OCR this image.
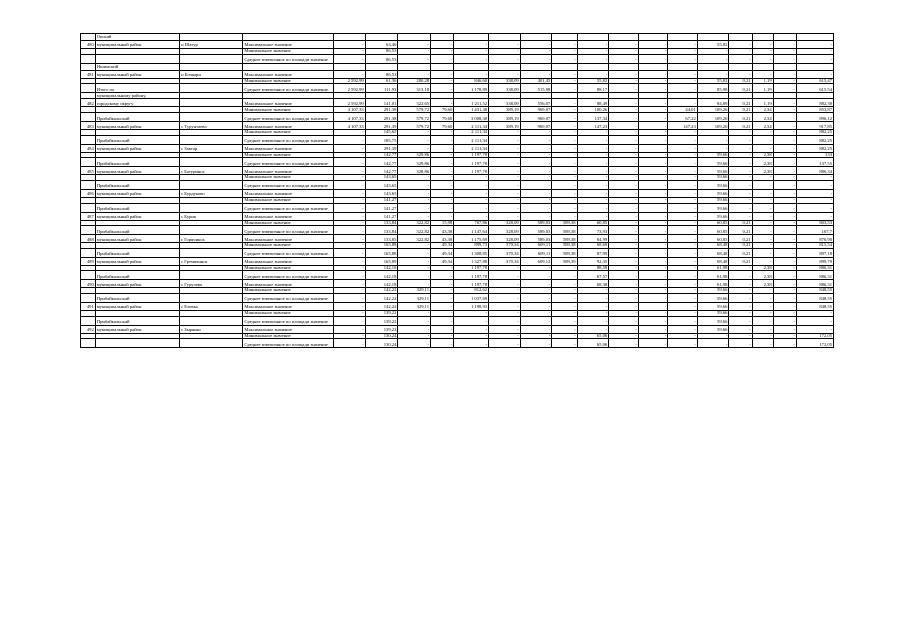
	Окский																			
480	муниципальный район	п Шатур	Максимальное значение	-	63,46	-	-	-	-	-	-	-	-	-	-	55,82	-	-	-	-
			Минимальное значение	-	86,53	-	-	-	-	-	-	-	-	-	-	-	-	-	-	-
			Среднее взвешенное по площади значение	-	86,53	-	-	-	-	-	-	-	-	-	-	-	-	-	-	-
	Ишимский																			
481	муниципальный район	п Бочкари	Максимальное значение	-	86,53	-	-	-	-	-	-	-	-	-	-	-	-	-	-	-
			Минимальное значение	2 592,99	61,36	280,28	-	846,60	338,09	401,45	-	55,82	-	-	-	55,82	0,21	1,19	-	615,47
	Итого по		Среднее взвешенное по площади значение	2 592,99	111,93	313,18	-	1 178,89	338,09	515,98	-	88,17	-	-	-	85,98	0,21	1,19	-	615,54
	муниципальному району,																			
482	городскому округу		Максимальное значение	2 592,99	141,01	322,65	-	1 211,52	338,09	556,07	-	88,49	-	-	-	84,89	0,21	1,19	-	882,38
			Минимальное значение	4 107,33	291,38	579,72	79,60	1 431,48	389,19	969,07	-	100,26	-	-	44,01	109,26	0,21	2,34	-	853,87
	Прибайкальский		Среднее взвешенное по площади значение	4 107,33	291,38	579,72	79,60	3 008,30	389,19	969,07	-	137,34	-	-	67,22	109,26	0,21	2,34	-	896,12
483	муниципальный район	с Турунтаево	Максимальное значение	4 107,33	291,39	579,72	79,60	2 111,34	389,19	969,07	-	147,23	-	-	147,23	109,26	0,21	2,34	-	917,85
			Минимальное значение	-	145,65	-	-	2 111,34	-	-	-	-	-	-	-	-	-	-	-	882,25
	Прибайкальский		Среднее взвешенное по площади значение	-	185,75	-	-	2 111,34	-	-	-	-	-	-	-	-	-	-	-	882,25
484	муниципальный район	с Зактар	Максимальное значение	-	291,39	-	-	2 111,34	-	-	-	-	-	-	-	-	-	-	-	882,25
			Минимальное значение	-	142,77	329,86	-	1 197,78	-	-	-	-	-	-	-	59,66	-	2,38	-	133
	Прибайкальский		Среднее взвешенное по площади значение	-	142,77	329,86	-	1 197,78	-	-	-	-	-	-	-	59,66	-	2,38	-	137,55
485	муниципальный район	с Батуринск	Максимальное значение	-	142,77	328,86	-	1 197,78	-	-	-	-	-	-	-	59,66	-	2,38	-	886,34
			Минимальное значение	-	143,65	-	-	-	-	-	-	-	-	-	-	59,66	-	-	-	-
	Прибайкальский		Среднее взвешенное по площади значение	-	143,65	-	-	-	-	-	-	-	-	-	-	59,66	-	-	-	-
486	муниципальный район	с Бурдуково	Максимальное значение	-	143,65	-	-	-	-	-	-	-	-	-	-	59,66	-	-	-	-
			Минимальное значение	-	141,27	-	-	-	-	-	-	-	-	-	-	59,66	-	-	-	-
	Прибайкальский		Среднее взвешенное по площади значение	-	141,27	-	-	-	-	-	-	-	-	-	-	59,66	-	-	-	-
487	муниципальный район	с Бурик	Максимальное значение	-	141,27	-	-	-	-	-	-	-	-	-	-	59,66	-	-	-	-
			Минимальное значение	-	133,84	322,82	15,98	767,86	328,09	589,03	589,38	60,85	-	-	-	60,85	0,21	-	-	803,53
	Прибайкальский		Среднее взвешенное по площади значение	-	133,84	322,82	43,38	1 147,64	328,09	589,03	589,38	73,93	-	-	-	60,85	0,21	-	-	167,7
488	муниципальный район	с Горячинск	Максимальное значение	-	133,85	322,82	43,38	1 175,69	328,09	589,03	589,38	84,99	-	-	-	60,85	0,21	-	-	876,90
			Минимальное значение	-	165,88	-	49,34	899,73	370,34	609,11	589,38	68,69	-	-	-	68,48	0,21	-	-	815,54
	Прибайкальский		Среднее взвешенное по площади значение	-	165,88	-	49,34	1 308,85	370,34	609,11	589,38	87,99	-	-	-	68,48	0,21	-	-	897,18
489	муниципальный район	с Гремячинск	Максимальное значение	-	165,89	-	49,34	1 327,88	370,34	609,12	589,39	92,35	-	-	-	68,48	0,21	-	-	899,79
			Минимальное значение	-	142,18	-	-	1 197,78	-	-	-	88,58	-	-	-	61,98	-	2,38	-	886,31
	Прибайкальский		Среднее взвешенное по площади значение	-	142,18	-	-	1 197,78	-	-	-	67,57	-	-	-	61,98	-	2,38	-	886,31
490	муниципальный район	с Гурулево	Максимальное значение	-	142,18	-	-	1 197,78	-	-	-	68,38	-	-	-	61,98	-	2,38	-	886,31
			Минимальное значение	-	142,22	329,11	-	812,62	-	-	-	-	-	-	-	59,66	-	-	-	848,55
	Прибайкальский		Среднее взвешенное по площади значение	-	142,22	329,11	-	1 037,69	-	-	-	-	-	-	-	59,66	-	-	-	848,55
491	муниципальный район	с Елевка	Максимальное значение	-	142,22	329,11	-	1 198,93	-	-	-	-	-	-	-	59,66	-	-	-	848,55
			Минимальное значение	-	139,22	-	-	-	-	-	-	-	-	-	-	59,66	-	-	-	-
	Прибайкальский		Среднее взвешенное по площади значение	-	139,22	-	-	-	-	-	-	-	-	-	-	59,66	-	-	-	-
492	муниципальный район	с Зырянко	Максимальное значение	-	139,22	-	-	-	-	-	-	-	-	-	-	59,66	-	-	-	-
			Минимальное значение	-	130,24	-	-	-	-	-	-	65,06	-	-	-	-	-	-	-	172,05
			Среднее взвешенное по площади значение	-	130,24	-	-	-	-	-	-	65,06	-	-	-	-	-	-	-	172,05
